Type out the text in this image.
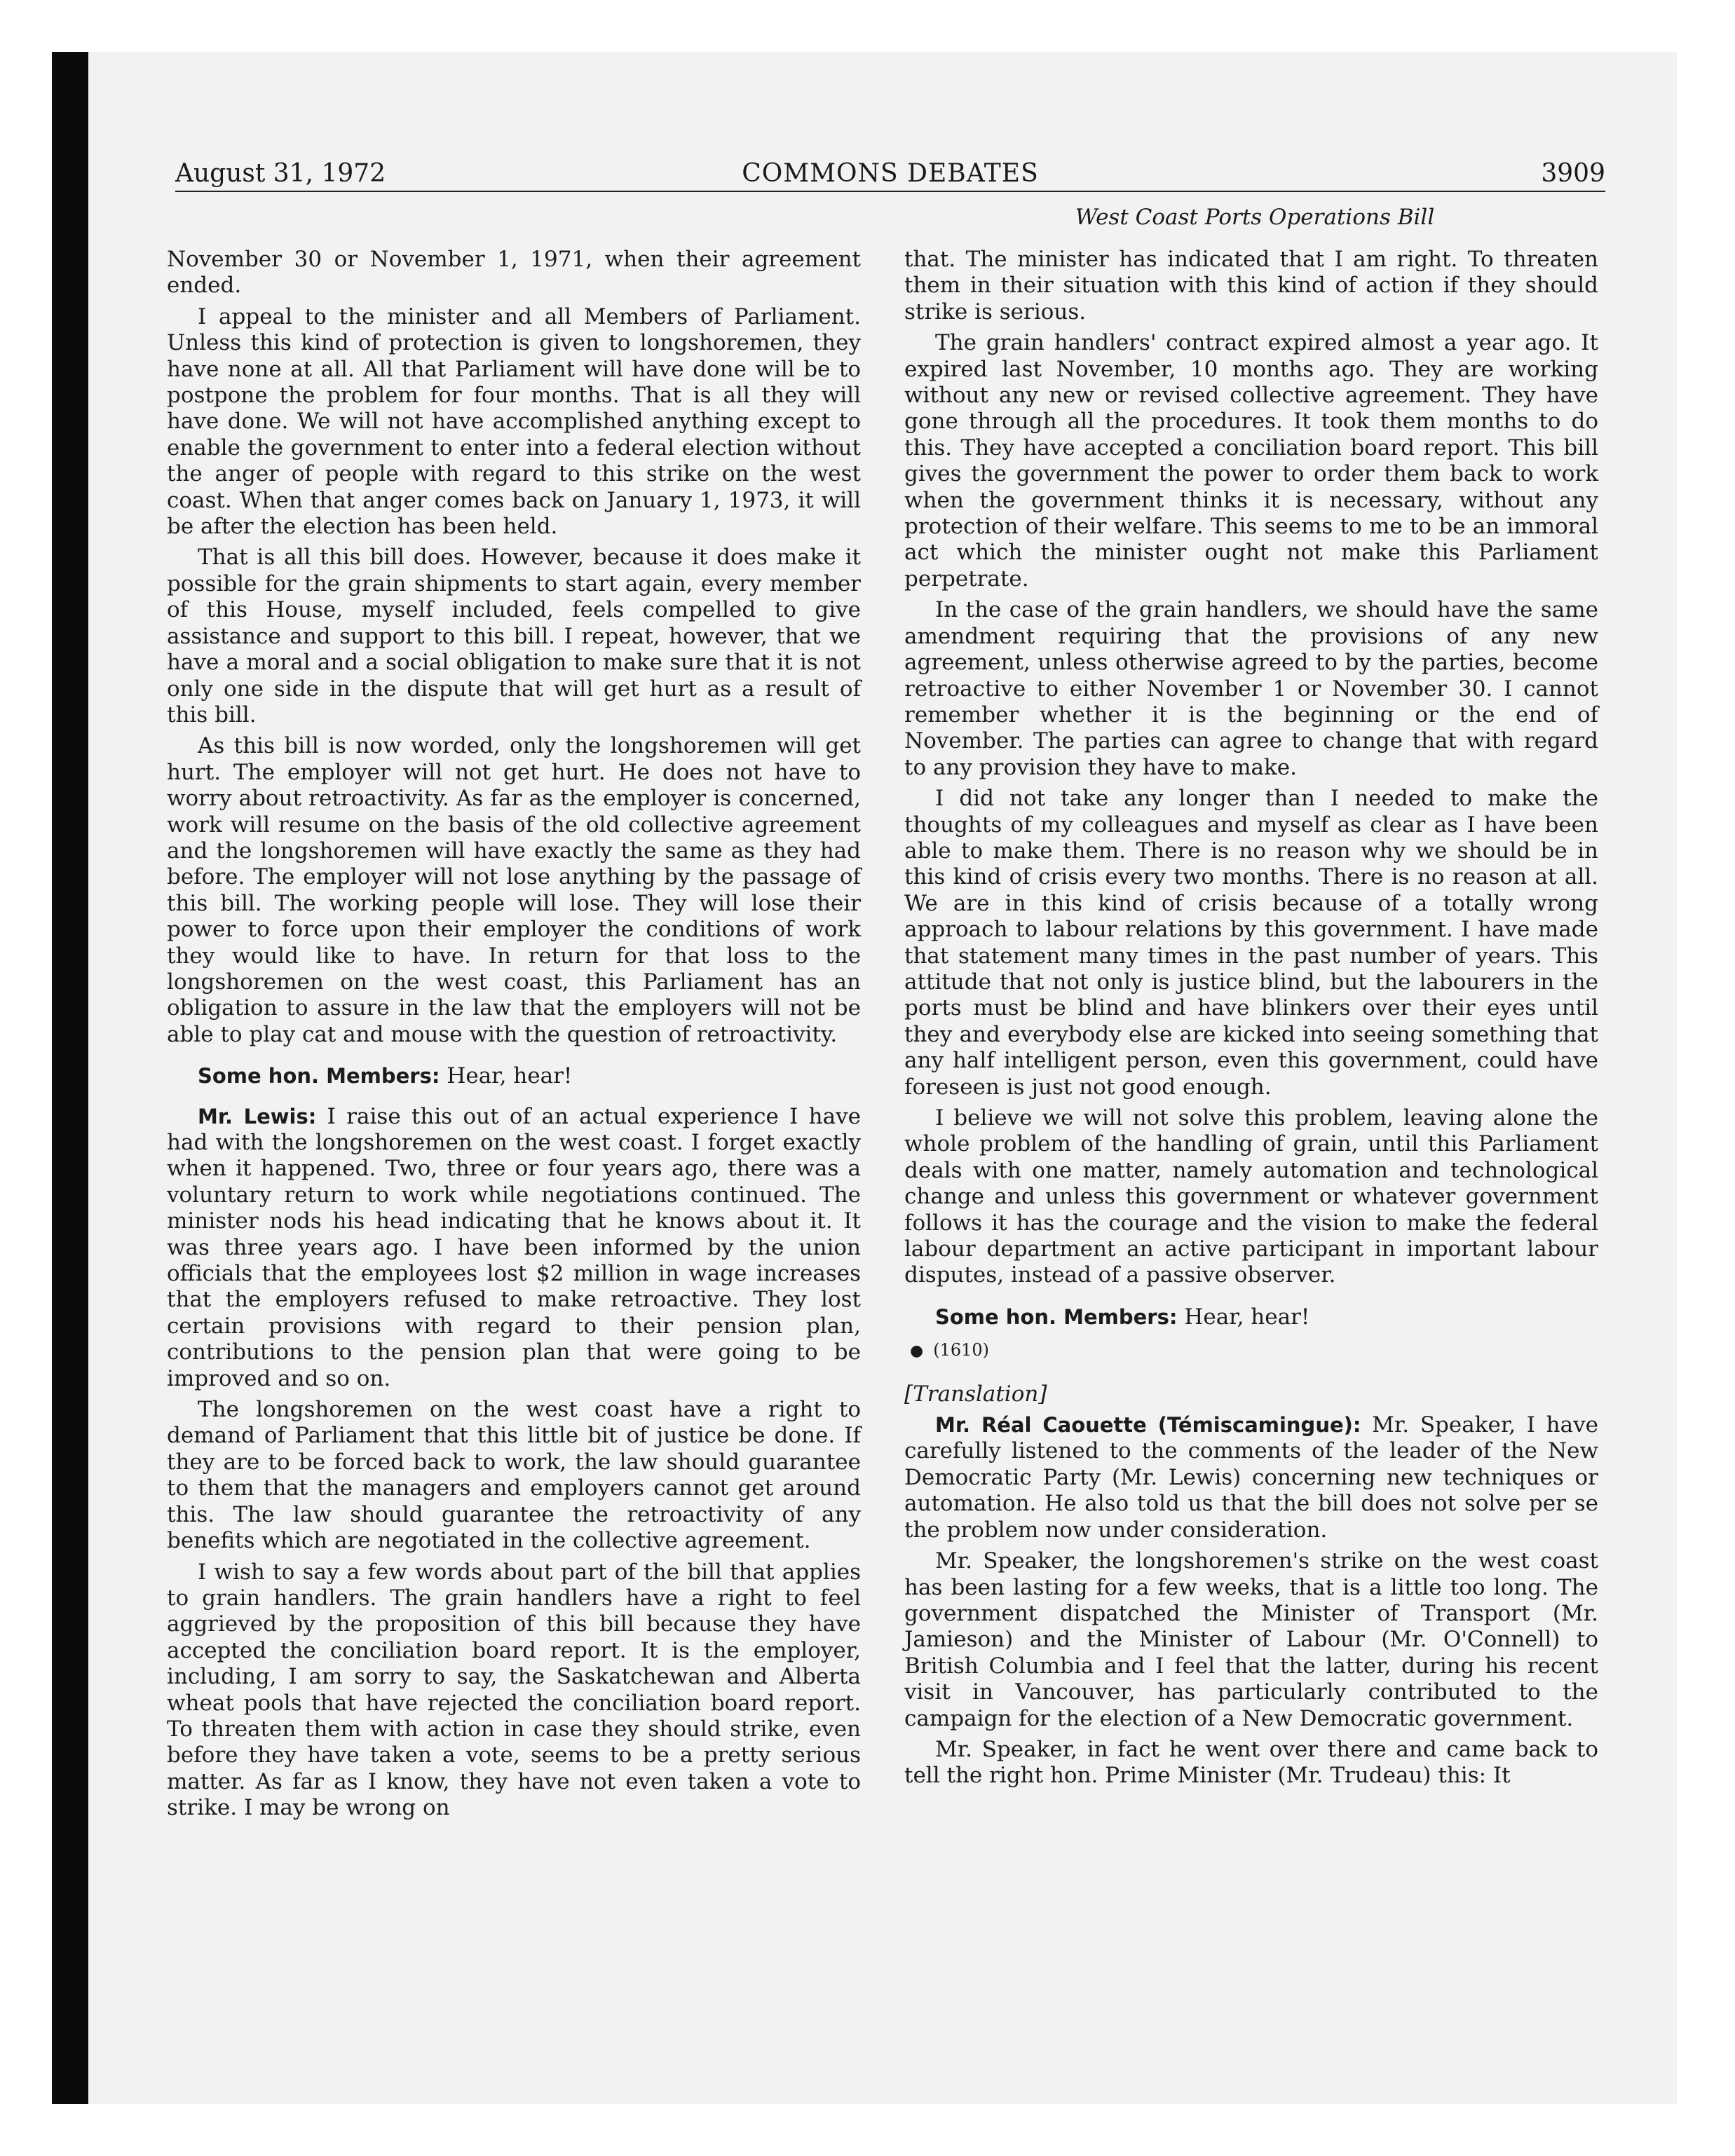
August 31, 1972	COMMONS DEBATES	3909
West Coast Ports Operations Bill

November 30 or November 1, 1971, when their agreement ended.

I appeal to the minister and all Members of Parliament. Unless this kind of protection is given to longshoremen, they have none at all. All that Parliament will have done will be to postpone the problem for four months. That is all they will have done. We will not have accomplished anything except to enable the government to enter into a federal election without the anger of people with regard to this strike on the west coast. When that anger comes back on January 1, 1973, it will be after the election has been held.

That is all this bill does. However, because it does make it possible for the grain shipments to start again, every member of this House, myself included, feels compelled to give assistance and support to this bill. I repeat, however, that we have a moral and a social obligation to make sure that it is not only one side in the dispute that will get hurt as a result of this bill.

As this bill is now worded, only the longshoremen will get hurt. The employer will not get hurt. He does not have to worry about retroactivity. As far as the employer is concerned, work will resume on the basis of the old collective agreement and the longshoremen will have exactly the same as they had before. The employer will not lose anything by the passage of this bill. The working people will lose. They will lose their power to force upon their employer the conditions of work they would like to have. In return for that loss to the longshoremen on the west coast, this Parliament has an obligation to assure in the law that the employers will not be able to play cat and mouse with the question of retroactivity.

Some hon. Members: Hear, hear!

Mr. Lewis: I raise this out of an actual experience I have had with the longshoremen on the west coast. I forget exactly when it happened. Two, three or four years ago, there was a voluntary return to work while negotiations continued. The minister nods his head indicating that he knows about it. It was three years ago. I have been informed by the union officials that the employees lost $2 million in wage increases that the employers refused to make retroactive. They lost certain provisions with regard to their pension plan, contributions to the pension plan that were going to be improved and so on.

The longshoremen on the west coast have a right to demand of Parliament that this little bit of justice be done. If they are to be forced back to work, the law should guarantee to them that the managers and employers cannot get around this. The law should guarantee the retroactivity of any benefits which are negotiated in the collective agreement.

I wish to say a few words about part of the bill that applies to grain handlers. The grain handlers have a right to feel aggrieved by the proposition of this bill because they have accepted the conciliation board report. It is the employer, including, I am sorry to say, the Saskatchewan and Alberta wheat pools that have rejected the conciliation board report. To threaten them with action in case they should strike, even before they have taken a vote, seems to be a pretty serious matter. As far as I know, they have not even taken a vote to strike. I may be wrong on

that. The minister has indicated that I am right. To threaten them in their situation with this kind of action if they should strike is serious.

The grain handlers' contract expired almost a year ago. It expired last November, 10 months ago. They are working without any new or revised collective agreement. They have gone through all the procedures. It took them months to do this. They have accepted a conciliation board report. This bill gives the government the power to order them back to work when the government thinks it is necessary, without any protection of their welfare. This seems to me to be an immoral act which the minister ought not make this Parliament perpetrate.

In the case of the grain handlers, we should have the same amendment requiring that the provisions of any new agreement, unless otherwise agreed to by the parties, become retroactive to either November 1 or November 30. I cannot remember whether it is the beginning or the end of November. The parties can agree to change that with regard to any provision they have to make.

I did not take any longer than I needed to make the thoughts of my colleagues and myself as clear as I have been able to make them. There is no reason why we should be in this kind of crisis every two months. There is no reason at all. We are in this kind of crisis because of a totally wrong approach to labour relations by this government. I have made that statement many times in the past number of years. This attitude that not only is justice blind, but the labourers in the ports must be blind and have blinkers over their eyes until they and everybody else are kicked into seeing something that any half intelligent person, even this government, could have foreseen is just not good enough.

I believe we will not solve this problem, leaving alone the whole problem of the handling of grain, until this Parliament deals with one matter, namely automation and technological change and unless this government or whatever government follows it has the courage and the vision to make the federal labour department an active participant in important labour disputes, instead of a passive observer.

Some hon. Members: Hear, hear!

● (1610)

[Translation]

Mr. Réal Caouette (Témiscamingue): Mr. Speaker, I have carefully listened to the comments of the leader of the New Democratic Party (Mr. Lewis) concerning new techniques or automation. He also told us that the bill does not solve per se the problem now under consideration.

Mr. Speaker, the longshoremen's strike on the west coast has been lasting for a few weeks, that is a little too long. The government dispatched the Minister of Transport (Mr. Jamieson) and the Minister of Labour (Mr. O'Connell) to British Columbia and I feel that the latter, during his recent visit in Vancouver, has particularly contributed to the campaign for the election of a New Democratic government.

Mr. Speaker, in fact he went over there and came back to tell the right hon. Prime Minister (Mr. Trudeau) this: It
